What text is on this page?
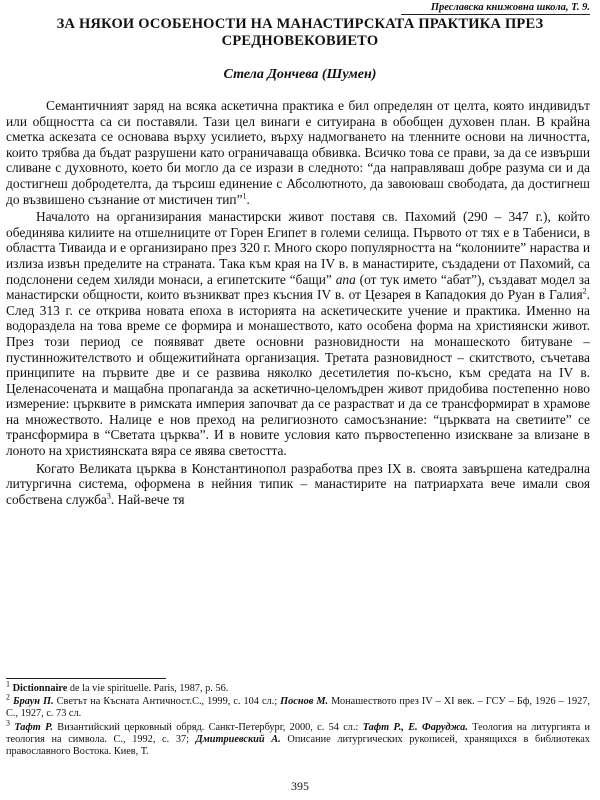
Преславска книжовна школа, Т. 9.
ЗА НЯКОИ ОСОБЕНОСТИ НА МАНАСТИРСКАТА ПРАКТИКА ПРЕЗ СРЕДНОВЕКОВИЕТО
Стела Дончева (Шумен)

Семантичният заряд на всяка аскетична практика е бил определян от целта, която индивидът или общността са си поставяли. Тази цел винаги е ситуирана в обобщен духовен план. В крайна сметка аскезата се основава върху усилието, върху надмогването на тленните основи на личността, които трябва да бъдат разрушени като ограничаваща обвивка. Всичко това се прави, за да се извърши сливане с духовното, което би могло да се изрази в следното: “да направляваш добре разума си и да достигнеш добродетелта, да търсиш единение с Абсолютното, да завоюваш свободата, да достигнеш до възвишено съзнание от мистичен тип”$^1$.

Началото на организирания манастирски живот поставя св. Пахомий (290 – 347 г.), който обединява килиите на отшелниците от Горен Египет в големи селища. Първото от тях е в Табениси, в областта Тиваида и е организирано през 320 г. Много скоро популярността на “колониите” нараства и излиза извън пределите на страната. Така към края на IV в. в манастирите, създадени от Пахомий, са подслонени седем хиляди монаси, а египетските “бащи” ana (от тук името “абат”), създават модел за манастирски общности, които възникват през късния IV в. от Цезарея в Кападокия до Руан в Галия$^2$. След 313 г. се открива новата епоха в историята на аскетическите учение и практика. Именно на водоразделa на това време се формира и монашеството, като особена форма на християнски живот. През този период се появяват двете основни разновидности на монашеското битуване – пустинножителството и общежитийната организация. Третата разновидност – скитството, съчетава принципите на първите две и се развива няколко десетилетия по-късно, към средата на IV в. Целенасочената и мащабна пропаганда за аскетично-целомъдрен живот придобива постепенно ново измерение: църквите в римската империя започват да се разрастват и да се трансформират в храмове на множеството. Налице е нов преход на религиозното самосъзнание: “църквата на светиите” се трансформира в “Светата църква”. И в новите условия като първостепенно изискване за влизане в лоното на християнската вяра се явява светостта.

Когато Великата църква в Константинопол разработва през IX в. своята завършена катедрална литургична система, оформена в нейния типик – манастирите на патриархата вече имали своя собствена служба$^3$. Най-вече тя

$^1$ Dictionnaire de la vie spirituelle. Paris, 1987, p. 56.
$^2$ Браун П. Светът на Късната Античност.С., 1999, с. 104 сл.; Поснов М. Монашеството през IV – XI век. – ГСУ – Бф, 1926 – 1927, С., 1927, с. 73 сл.
$^3$ Тафт Р. Византийский церковный обряд. Санкт-Петербург, 2000, с. 54 сл.: Тафт Р., Е. Фаруджа. Теология на литургията и теология на символа. С., 1992, с. 37; Дмитриевский А. Описание литургических рукописей, хранящихся в библиотеках православного Востока. Киев, Т.
395
